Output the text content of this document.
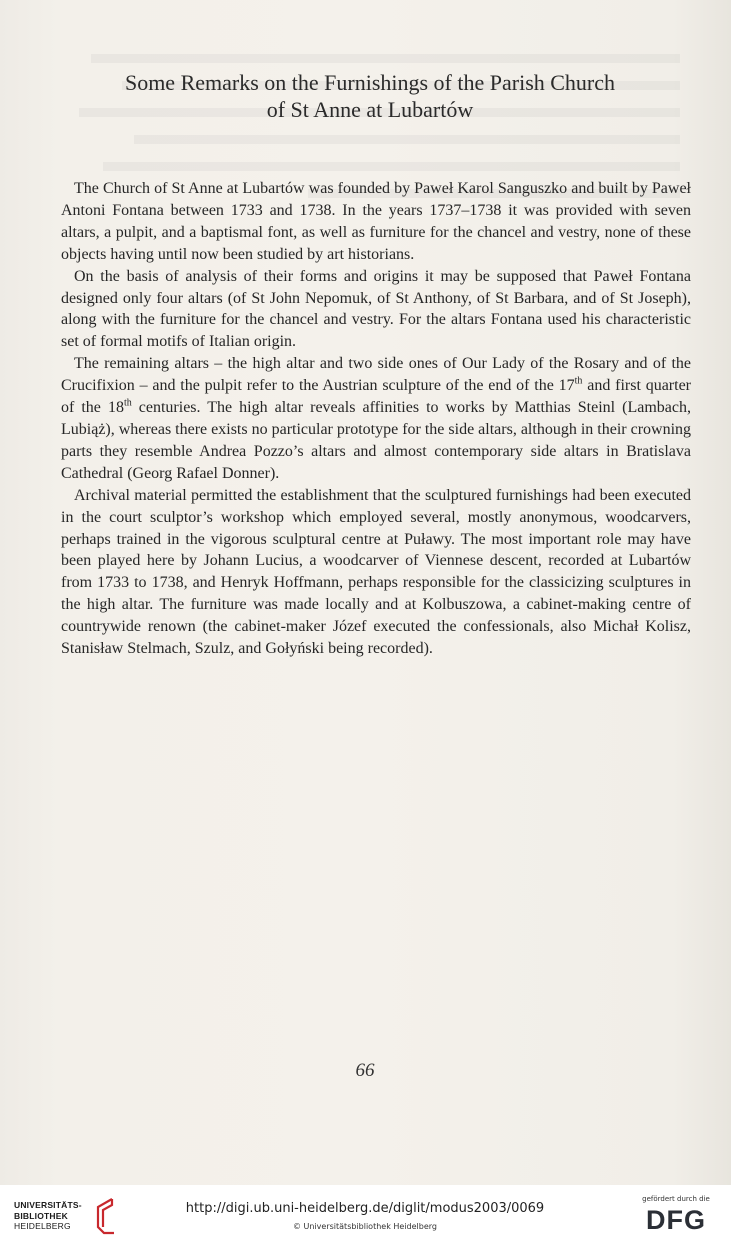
Some Remarks on the Furnishings of the Parish Church
of St Anne at Lubartów

The Church of St Anne at Lubartów was founded by Paweł Karol Sanguszko and built by Paweł Antoni Fontana between 1733 and 1738. In the years 1737–1738 it was provided with seven altars, a pulpit, and a baptismal font, as well as furniture for the chancel and vestry, none of these objects having until now been studied by art historians.

On the basis of analysis of their forms and origins it may be supposed that Paweł Fontana designed only four altars (of St John Nepomuk, of St Anthony, of St Barbara, and of St Joseph), along with the furniture for the chancel and vestry. For the altars Fontana used his characteristic set of formal motifs of Italian origin.

The remaining altars – the high altar and two side ones of Our Lady of the Rosary and of the Crucifixion – and the pulpit refer to the Austrian sculpture of the end of the 17th and first quarter of the 18th centuries. The high altar reveals affinities to works by Matthias Steinl (Lambach, Lubiąż), whereas there exists no particular prototype for the side altars, although in their crowning parts they resemble Andrea Pozzo’s altars and almost contemporary side altars in Bratislava Cathedral (Georg Rafael Donner).

Archival material permitted the establishment that the sculptured furnishings had been executed in the court sculptor’s workshop which employed several, mostly anonymous, woodcarvers, perhaps trained in the vigorous sculptural centre at Puławy. The most important role may have been played here by Johann Lucius, a woodcarver of Viennese descent, recorded at Lubartów from 1733 to 1738, and Henryk Hoffmann, perhaps responsible for the classicizing sculptures in the high altar. The furniture was made locally and at Kolbuszowa, a cabinet-making centre of countrywide renown (the cabinet-maker Józef executed the confessionals, also Michał Kolisz, Stanisław Stelmach, Szulz, and Gołyński being recorded).

66
UNIVERSITÄTS-
BIBLIOTHEK
HEIDELBERG
http://digi.ub.uni-heidelberg.de/diglit/modus2003/0069
© Universitätsbibliothek Heidelberg
gefördert durch die
DFG
